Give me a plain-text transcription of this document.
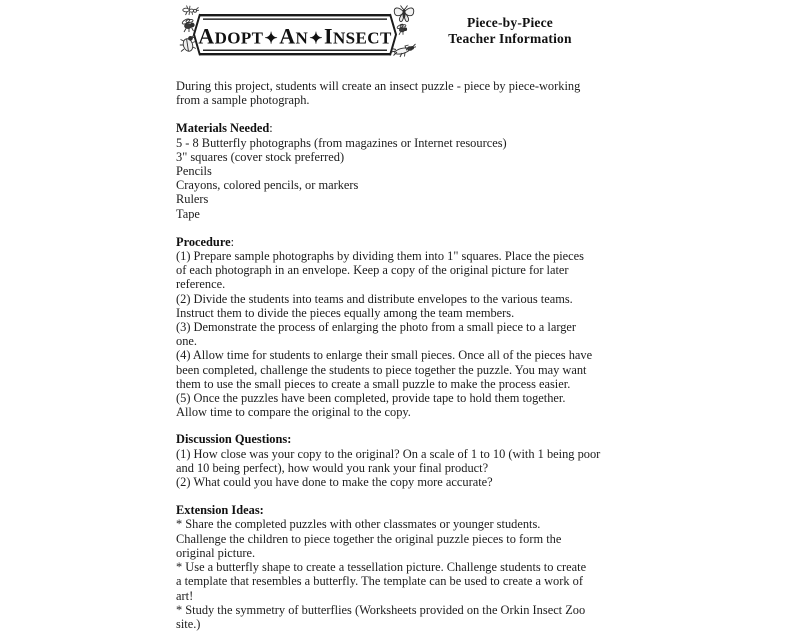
ADOPT✦AN✦INSECT
Piece-by-Piece
Teacher Information
During this project, students will create an insect puzzle - piece by piece-working
from a sample photograph.
Materials Needed:
5 - 8 Butterfly photographs (from magazines or Internet resources)
3" squares (cover stock preferred)
Pencils
Crayons, colored pencils, or markers
Rulers
Tape
Procedure:
(1) Prepare sample photographs by dividing them into 1" squares. Place the pieces
of each photograph in an envelope. Keep a copy of the original picture for later
reference.
(2) Divide the students into teams and distribute envelopes to the various teams.
Instruct them to divide the pieces equally among the team members.
(3) Demonstrate the process of enlarging the photo from a small piece to a larger
one.
(4) Allow time for students to enlarge their small pieces. Once all of the pieces have
been completed, challenge the students to piece together the puzzle. You may want
them to use the small pieces to create a small puzzle to make the process easier.
(5) Once the puzzles have been completed, provide tape to hold them together.
Allow time to compare the original to the copy.
Discussion Questions:
(1) How close was your copy to the original? On a scale of 1 to 10 (with 1 being poor
and 10 being perfect), how would you rank your final product?
(2) What could you have done to make the copy more accurate?
Extension Ideas:
* Share the completed puzzles with other classmates or younger students.
Challenge the children to piece together the original puzzle pieces to form the
original picture.
* Use a butterfly shape to create a tessellation picture. Challenge students to create
a template that resembles a butterfly. The template can be used to create a work of
art!
* Study the symmetry of butterflies (Worksheets provided on the Orkin Insect Zoo
site.)
